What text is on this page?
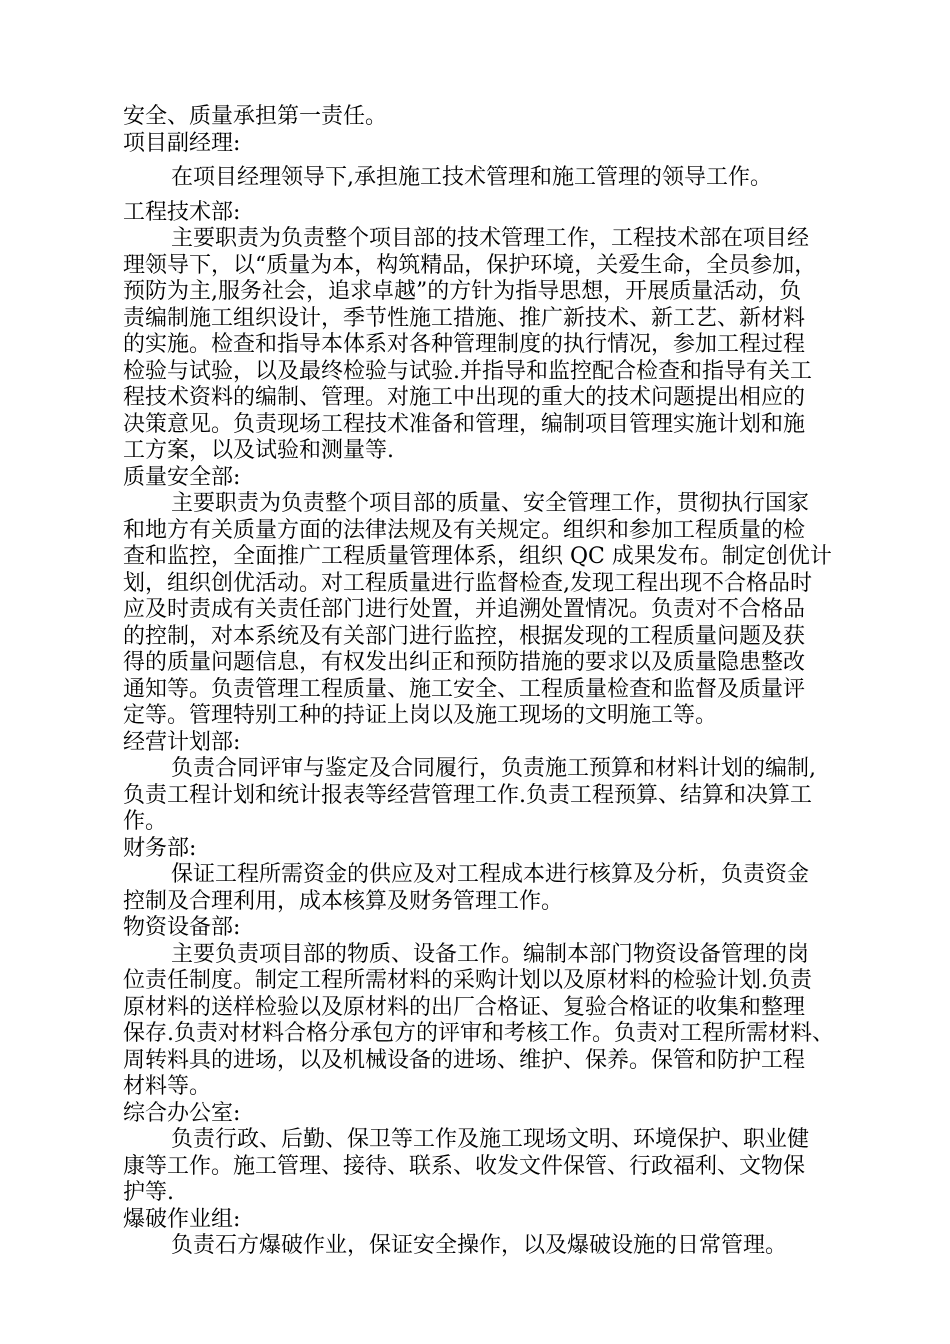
安全、质量承担第一责任。
项目副经理:
在项目经理领导下,承担施工技术管理和施工管理的领导工作。
工程技术部:
主要职责为负责整个项目部的技术管理工作，工程技术部在项目经
理领导下，以“质量为本，构筑精品，保护环境，关爱生命，全员参加，
预防为主,服务社会，追求卓越”的方针为指导思想，开展质量活动，负
责编制施工组织设计，季节性施工措施、推广新技术、新工艺、新材料
的实施。检查和指导本体系对各种管理制度的执行情况，参加工程过程
检验与试验，以及最终检验与试验.并指导和监控配合检查和指导有关工
程技术资料的编制、管理。对施工中出现的重大的技术问题提出相应的
决策意见。负责现场工程技术准备和管理，编制项目管理实施计划和施
工方案，以及试验和测量等.
质量安全部:
主要职责为负责整个项目部的质量、安全管理工作，贯彻执行国家
和地方有关质量方面的法律法规及有关规定。组织和参加工程质量的检
查和监控，全面推广工程质量管理体系，组织 QC 成果发布。制定创优计
划，组织创优活动。对工程质量进行监督检查,发现工程出现不合格品时
应及时责成有关责任部门进行处置，并追溯处置情况。负责对不合格品
的控制，对本系统及有关部门进行监控，根据发现的工程质量问题及获
得的质量问题信息，有权发出纠正和预防措施的要求以及质量隐患整改
通知等。负责管理工程质量、施工安全、工程质量检查和监督及质量评
定等。管理特别工种的持证上岗以及施工现场的文明施工等。
经营计划部:
负责合同评审与鉴定及合同履行，负责施工预算和材料计划的编制,
负责工程计划和统计报表等经营管理工作.负责工程预算、结算和决算工
作。
财务部:
保证工程所需资金的供应及对工程成本进行核算及分析，负责资金
控制及合理利用，成本核算及财务管理工作。
物资设备部:
主要负责项目部的物质、设备工作。编制本部门物资设备管理的岗
位责任制度。制定工程所需材料的采购计划以及原材料的检验计划.负责
原材料的送样检验以及原材料的出厂合格证、复验合格证的收集和整理
保存.负责对材料合格分承包方的评审和考核工作。负责对工程所需材料、
周转料具的进场，以及机械设备的进场、维护、保养。保管和防护工程
材料等。
综合办公室:
负责行政、后勤、保卫等工作及施工现场文明、环境保护、职业健
康等工作。施工管理、接待、联系、收发文件保管、行政福利、文物保
护等.
爆破作业组:
负责石方爆破作业，保证安全操作，以及爆破设施的日常管理。
